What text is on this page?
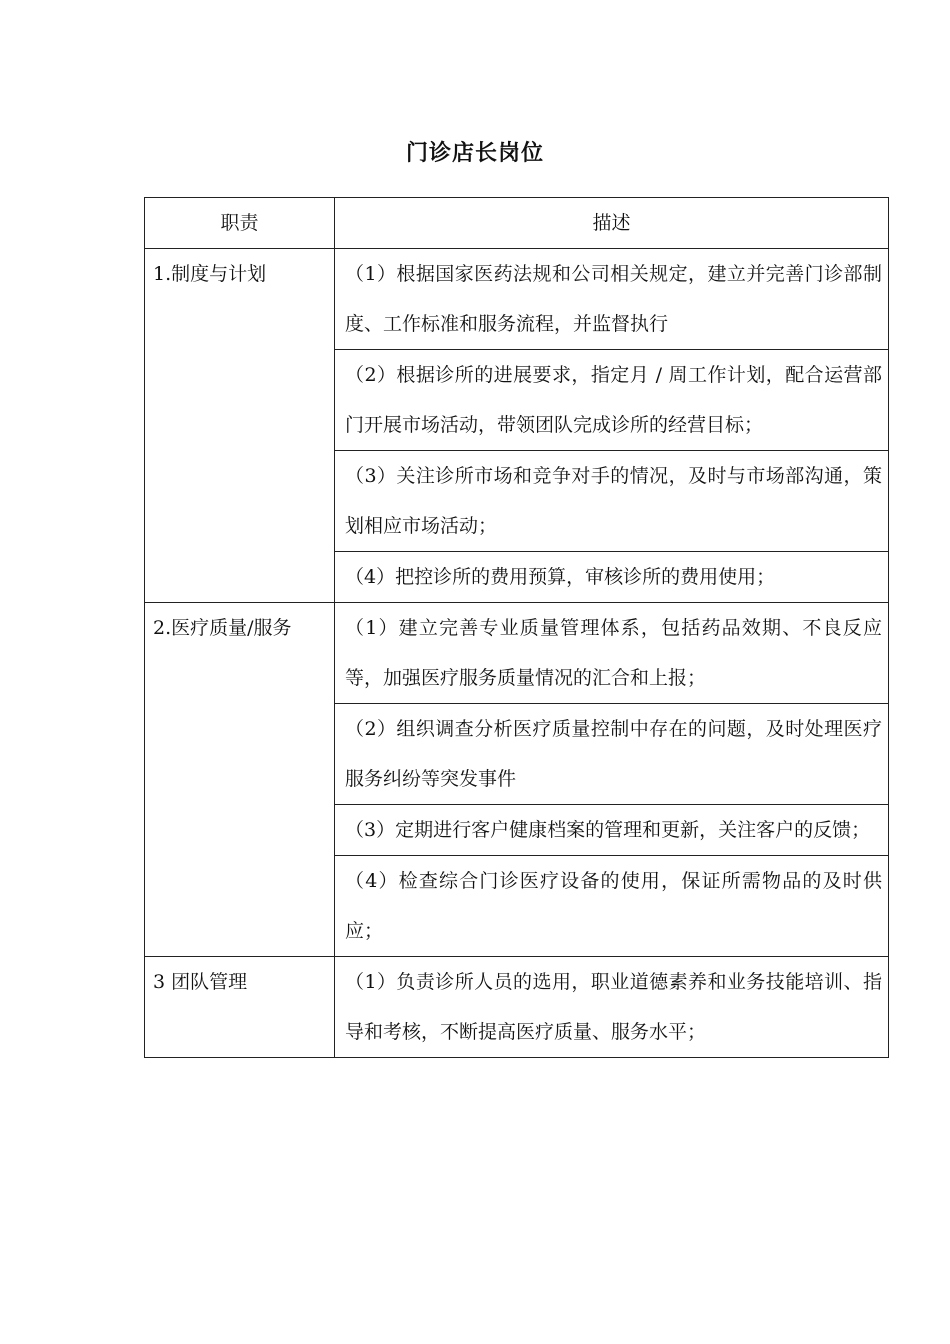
门诊店长岗位
职责	描述
1.制度与计划	（1）根据国家医药法规和公司相关规定，建立并完善门诊部制度、工作标准和服务流程，并监督执行
	（2）根据诊所的进展要求，指定月 / 周工作计划，配合运营部门开展市场活动，带领团队完成诊所的经营目标；
	（3）关注诊所市场和竞争对手的情况，及时与市场部沟通，策划相应市场活动；
	（4）把控诊所的费用预算，审核诊所的费用使用；
2.医疗质量/服务	（1）建立完善专业质量管理体系，包括药品效期、不良反应等，加强医疗服务质量情况的汇合和上报；
	（2）组织调查分析医疗质量控制中存在的问题，及时处理医疗服务纠纷等突发事件
	（3）定期进行客户健康档案的管理和更新，关注客户的反馈；
	（4）检查综合门诊医疗设备的使用，保证所需物品的及时供应；
3 团队管理	（1）负责诊所人员的选用，职业道德素养和业务技能培训、指导和考核，不断提高医疗质量、服务水平；
